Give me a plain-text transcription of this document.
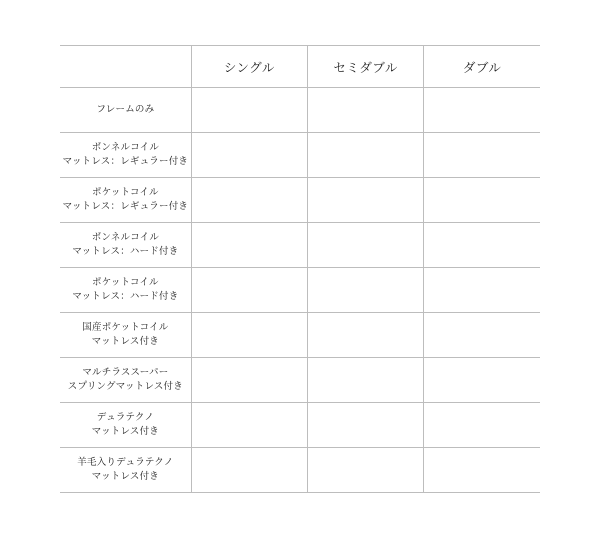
	シングル	セミダブル	ダブル

フレームのみ			

ボンネルコイル
マットレス：レギュラー付き			

ポケットコイル
マットレス：レギュラー付き			

ボンネルコイル
マットレス：ハード付き			

ポケットコイル
マットレス：ハード付き			

国産ポケットコイル
マットレス付き			

マルチラススーパー
スプリングマットレス付き			

デュラテクノ
マットレス付き			

羊毛入りデュラテクノ
マットレス付き			
